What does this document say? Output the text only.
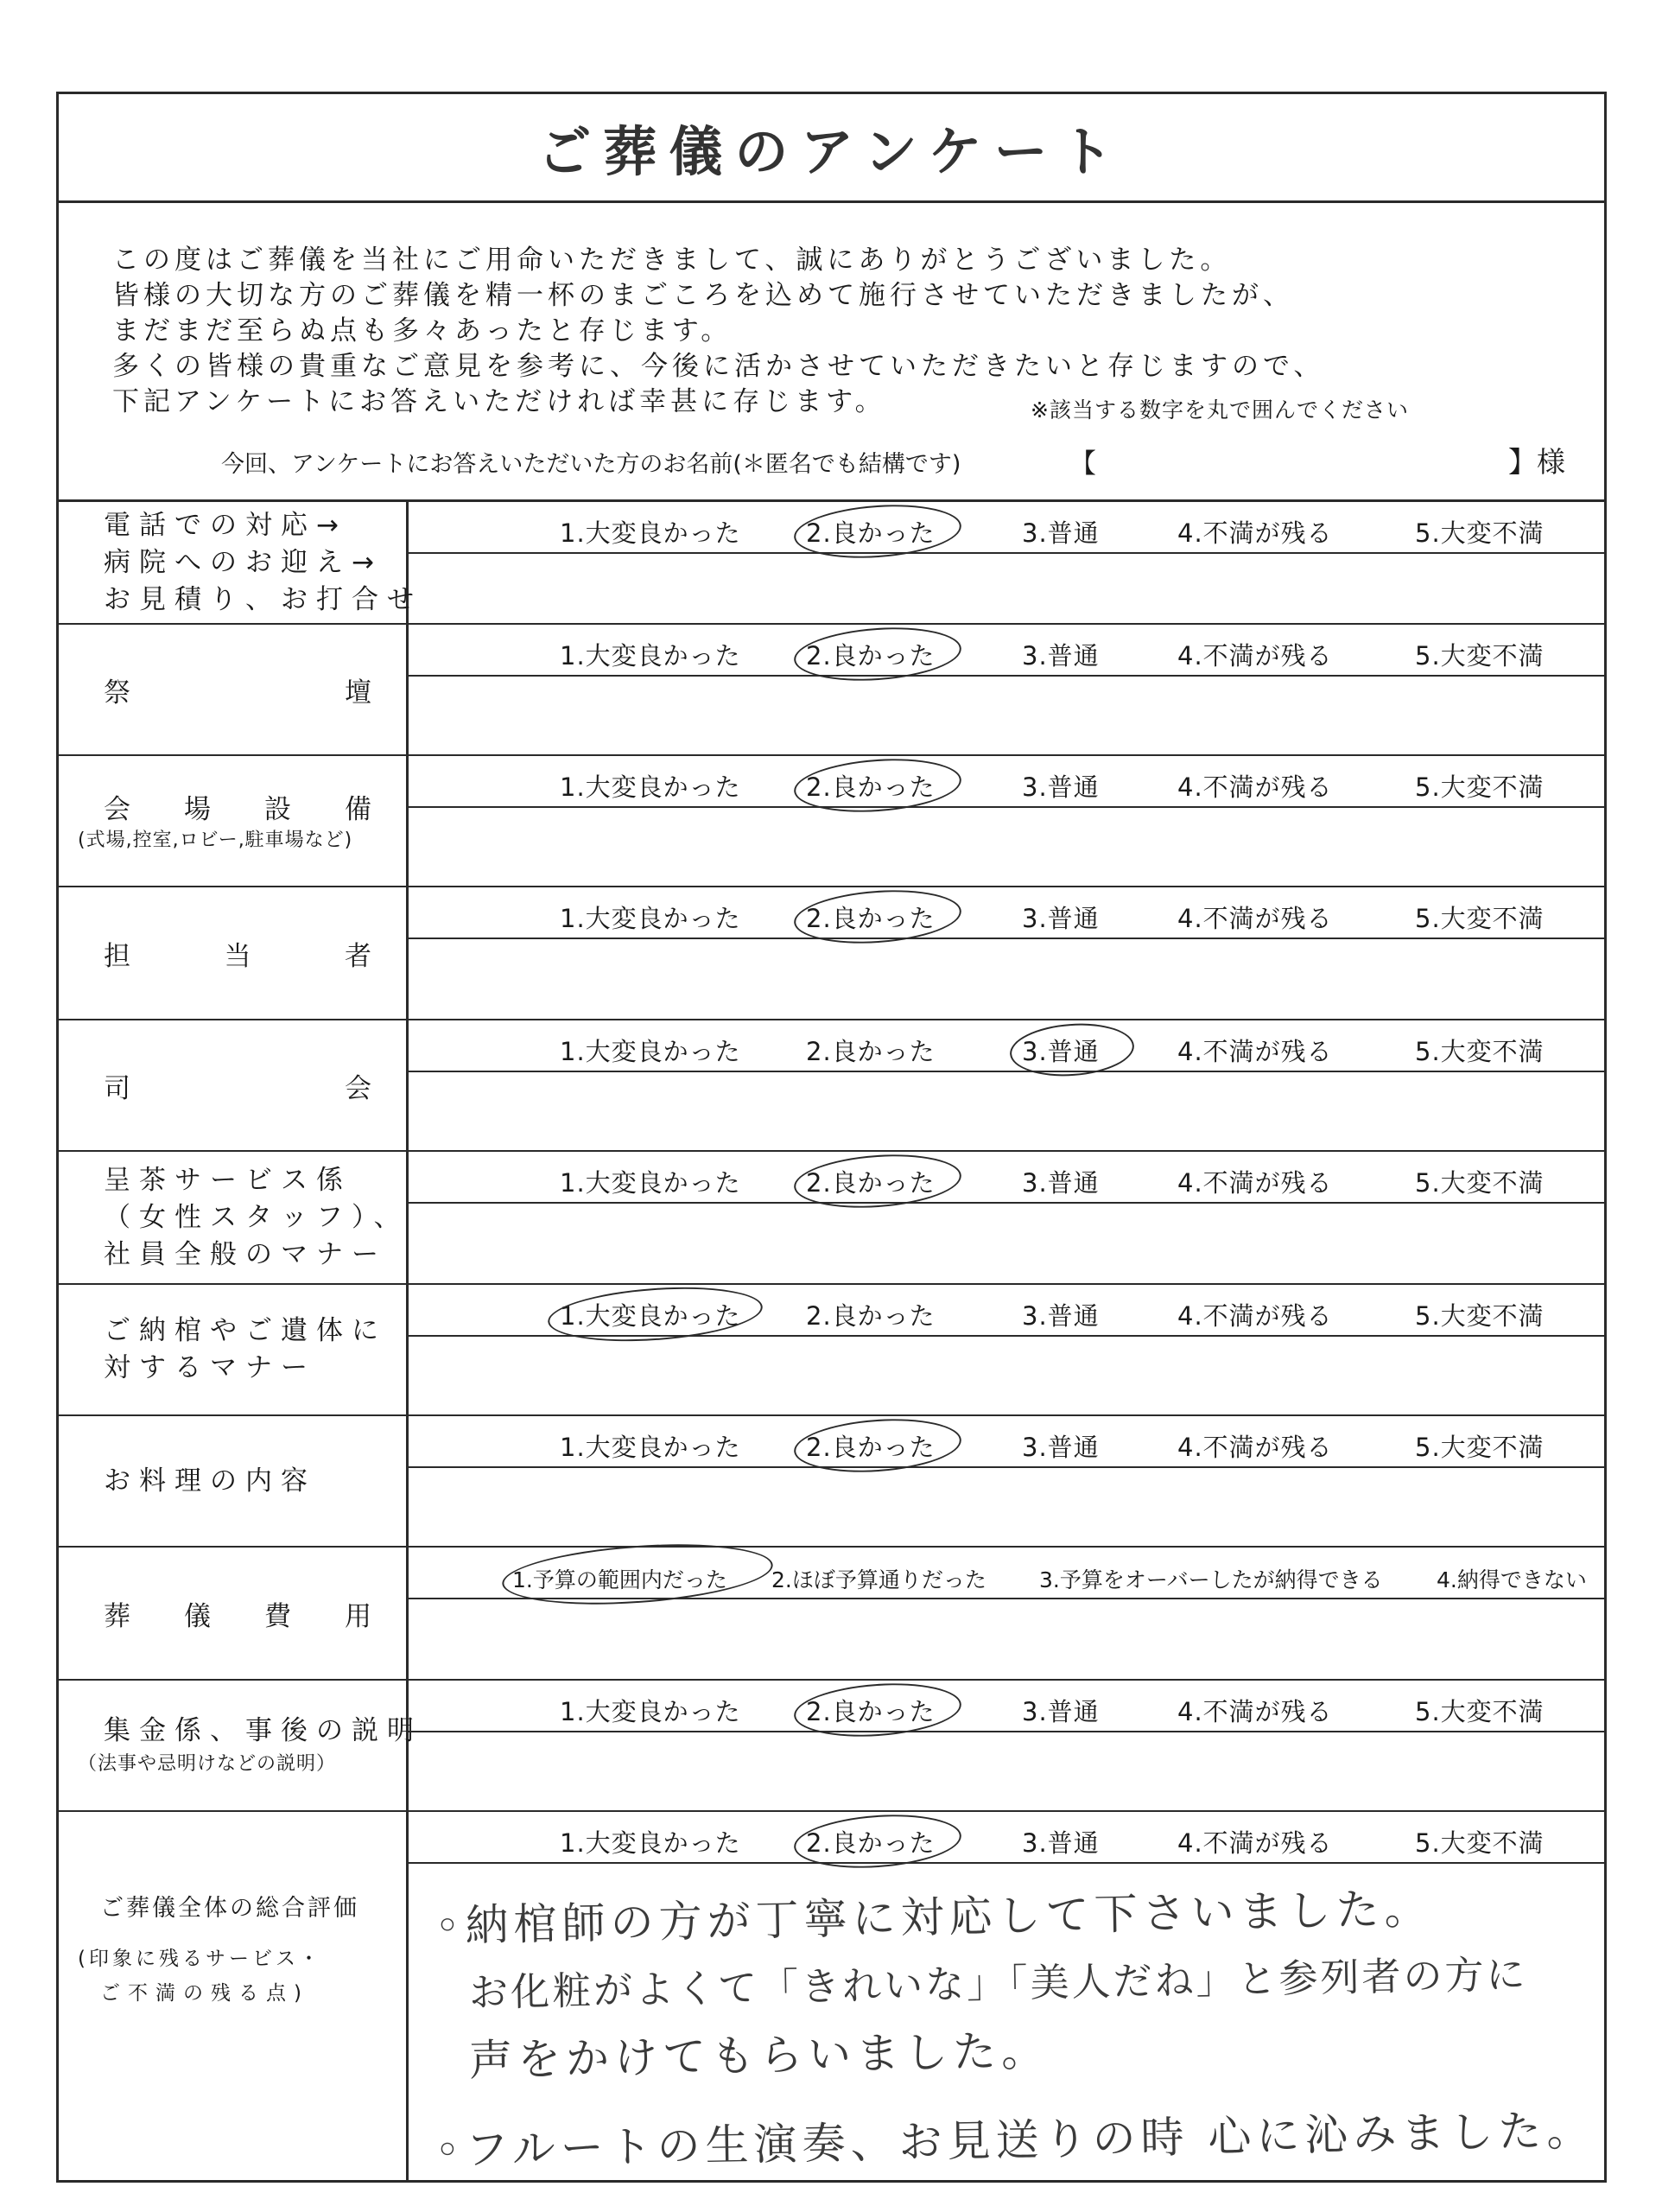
ご葬儀のアンケート
この度はご葬儀を当社にご用命いただきまして、誠にありがとうございました。
皆様の大切な方のご葬儀を精一杯のまごころを込めて施行させていただきましたが、
まだまだ至らぬ点も多々あったと存じます。
多くの皆様の貴重なご意見を参考に、今後に活かさせていただきたいと存じますので、
下記アンケートにお答えいただければ幸甚に存じます。	※該当する数字を丸で囲んでください
今回、アンケートにお答えいただいた方のお名前(＊匿名でも結構です)	【	】様
電話での対応→
病院へのお迎え→
お見積り、お打合せ
1.大変良かった	2.良かった	3.普通	4.不満が残る	5.大変不満
祭	壇
1.大変良かった	2.良かった	3.普通	4.不満が残る	5.大変不満
会 場 設 備
(式場,控室,ロビー,駐車場など)
1.大変良かった	2.良かった	3.普通	4.不満が残る	5.大変不満
担	当	者
1.大変良かった	2.良かった	3.普通	4.不満が残る	5.大変不満
司	会
1.大変良かった	2.良かった	3.普通	4.不満が残る	5.大変不満
呈茶サービス係
（女性スタッフ）、
社員全般のマナー
1.大変良かった	2.良かった	3.普通	4.不満が残る	5.大変不満
ご納棺やご遺体に
対するマナー
1.大変良かった	2.良かった	3.普通	4.不満が残る	5.大変不満
お料理の内容
1.大変良かった	2.良かった	3.普通	4.不満が残る	5.大変不満
葬 儀 費 用
1.予算の範囲内だった 2.ほぼ予算通りだった 3.予算をオーバーしたが納得できる 4.納得できない
集金係、事後の説明
（法事や忌明けなどの説明）
1.大変良かった	2.良かった	3.普通	4.不満が残る	5.大変不満
ご葬儀全体の総合評価
(印象に残るサービス・
ご不満の残る点)
1.大変良かった	2.良かった	3.普通	4.不満が残る	5.大変不満
◦納棺師の方が丁寧に対応して下さいました。
お化粧がよくて「きれいな」「美人だね」と参列者の方に
声をかけてもらいました。
◦フルートの生演奏、お見送りの時 心に沁みました。
